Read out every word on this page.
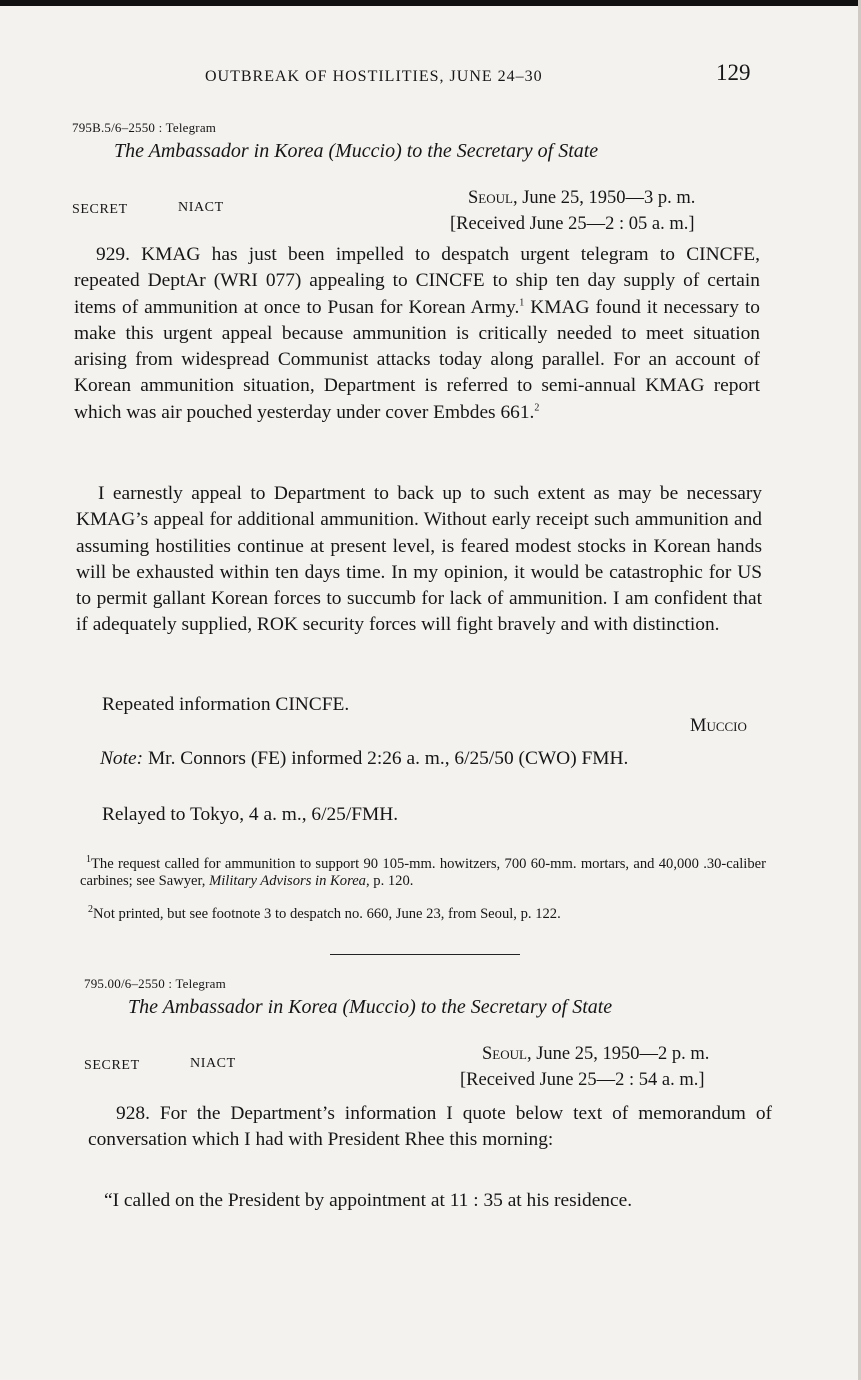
OUTBREAK OF HOSTILITIES, JUNE 24–30	129
795B.5/6–2550 : Telegram
The Ambassador in Korea (Muccio) to the Secretary of State
SECRET	NIACT	Seoul, June 25, 1950—3 p. m.
[Received June 25—2 : 05 a. m.]
929. KMAG has just been impelled to despatch urgent telegram to CINCFE, repeated DeptAr (WRI 077) appealing to CINCFE to ship ten day supply of certain items of ammunition at once to Pusan for Korean Army.$^1$ KMAG found it necessary to make this urgent appeal because ammunition is critically needed to meet situation arising from widespread Communist attacks today along parallel. For an account of Korean ammunition situation, Department is referred to semi-annual KMAG report which was air pouched yesterday under cover Embdes 661.$^2$
I earnestly appeal to Department to back up to such extent as may be necessary KMAG’s appeal for additional ammunition. Without early receipt such ammunition and assuming hostilities continue at present level, is feared modest stocks in Korean hands will be exhausted within ten days time. In my opinion, it would be catastrophic for US to permit gallant Korean forces to succumb for lack of ammunition. I am confident that if adequately supplied, ROK security forces will fight bravely and with distinction.
Repeated information CINCFE.
Muccio
Note: Mr. Connors (FE) informed 2:26 a. m., 6/25/50 (CWO) FMH.
Relayed to Tokyo, 4 a. m., 6/25/FMH.
$^1$The request called for ammunition to support 90 105-mm. howitzers, 700 60-mm. mortars, and 40,000 .30-caliber carbines; see Sawyer, Military Advisors in Korea, p. 120.
$^2$Not printed, but see footnote 3 to despatch no. 660, June 23, from Seoul, p. 122.
795.00/6–2550 : Telegram
The Ambassador in Korea (Muccio) to the Secretary of State
SECRET	NIACT	Seoul, June 25, 1950—2 p. m.
[Received June 25—2 : 54 a. m.]
928. For the Department’s information I quote below text of memorandum of conversation which I had with President Rhee this morning:
“I called on the President by appointment at 11 : 35 at his residence.
